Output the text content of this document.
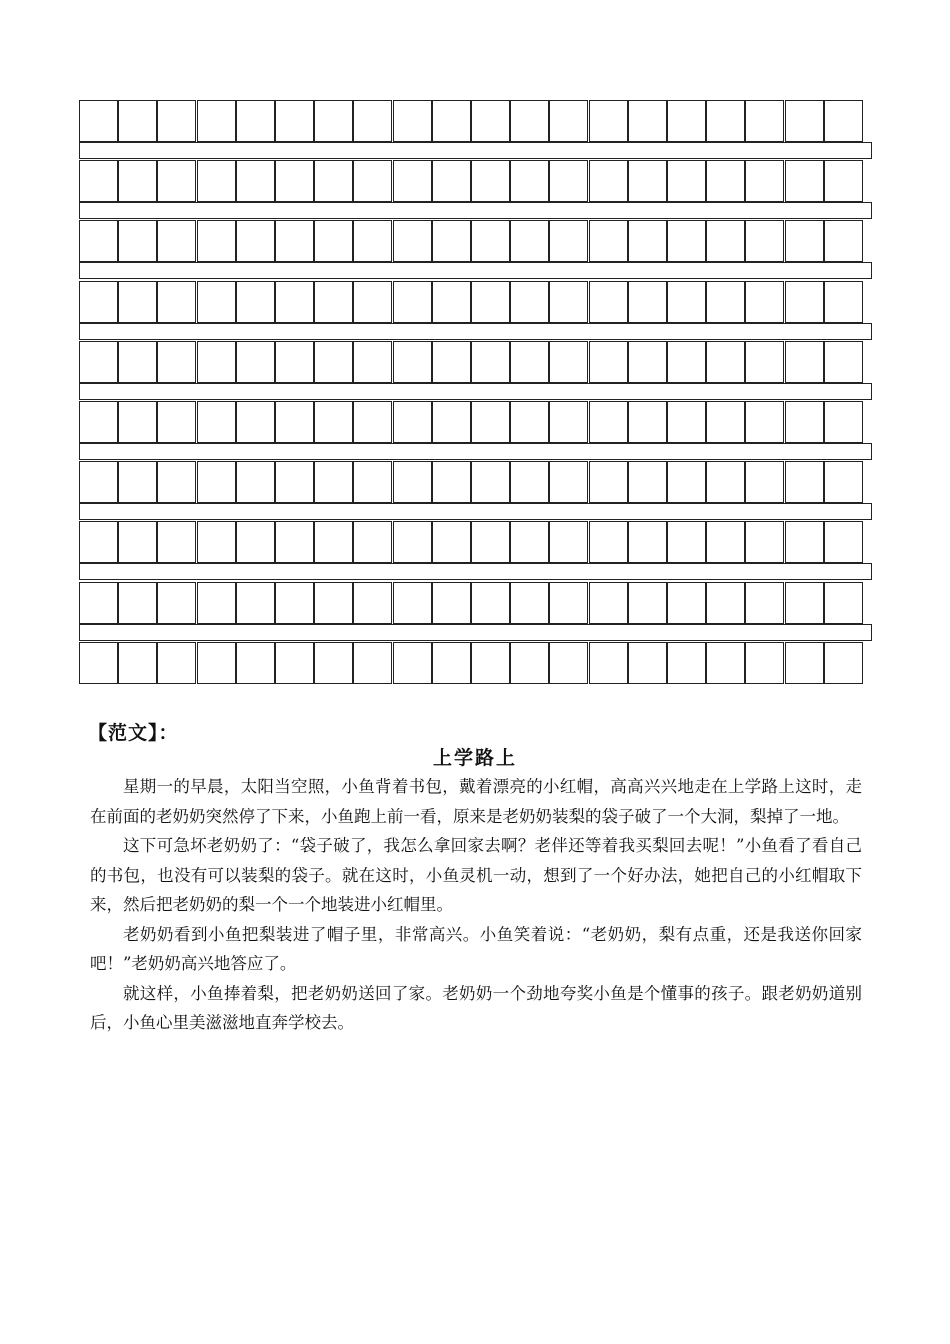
【范文】：
上学路上

星期一的早晨，太阳当空照，小鱼背着书包，戴着漂亮的小红帽，高高兴兴地走在上学路上这时，走在前面的老奶奶突然停了下来，小鱼跑上前一看，原来是老奶奶装梨的袋子破了一个大洞，梨掉了一地。

这下可急坏老奶奶了：“袋子破了，我怎么拿回家去啊？老伴还等着我买梨回去呢！”小鱼看了看自己的书包，也没有可以装梨的袋子。就在这时，小鱼灵机一动，想到了一个好办法，她把自己的小红帽取下来，然后把老奶奶的梨一个一个地装进小红帽里。

老奶奶看到小鱼把梨装进了帽子里，非常高兴。小鱼笑着说：“老奶奶，梨有点重，还是我送你回家吧！”老奶奶高兴地答应了。

就这样，小鱼捧着梨，把老奶奶送回了家。老奶奶一个劲地夸奖小鱼是个懂事的孩子。跟老奶奶道别后，小鱼心里美滋滋地直奔学校去。
